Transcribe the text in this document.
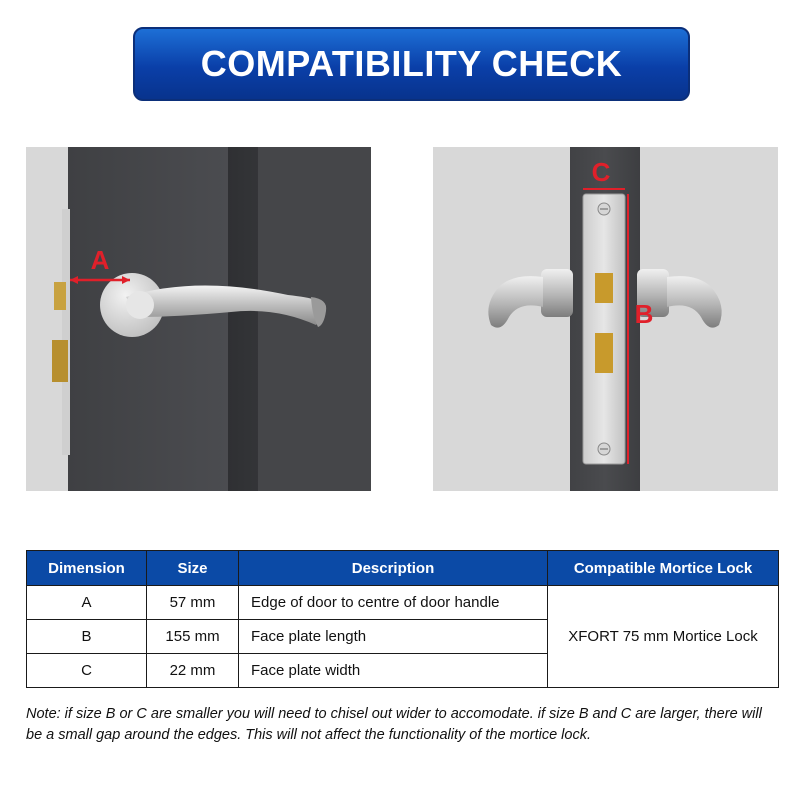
COMPATIBILITY CHECK
A
C
B
Dimension	Size	Description	Compatible Mortice Lock
A	57 mm	Edge of door to centre of door handle	XFORT 75 mm Mortice Lock
B	155 mm	Face plate length	
C	22 mm	Face plate width	
Note: if size B or C are smaller you will need to chisel out wider to accomodate. if size B and C are larger, there will be a small gap around the edges. This will not affect the functionality of the mortice lock.
